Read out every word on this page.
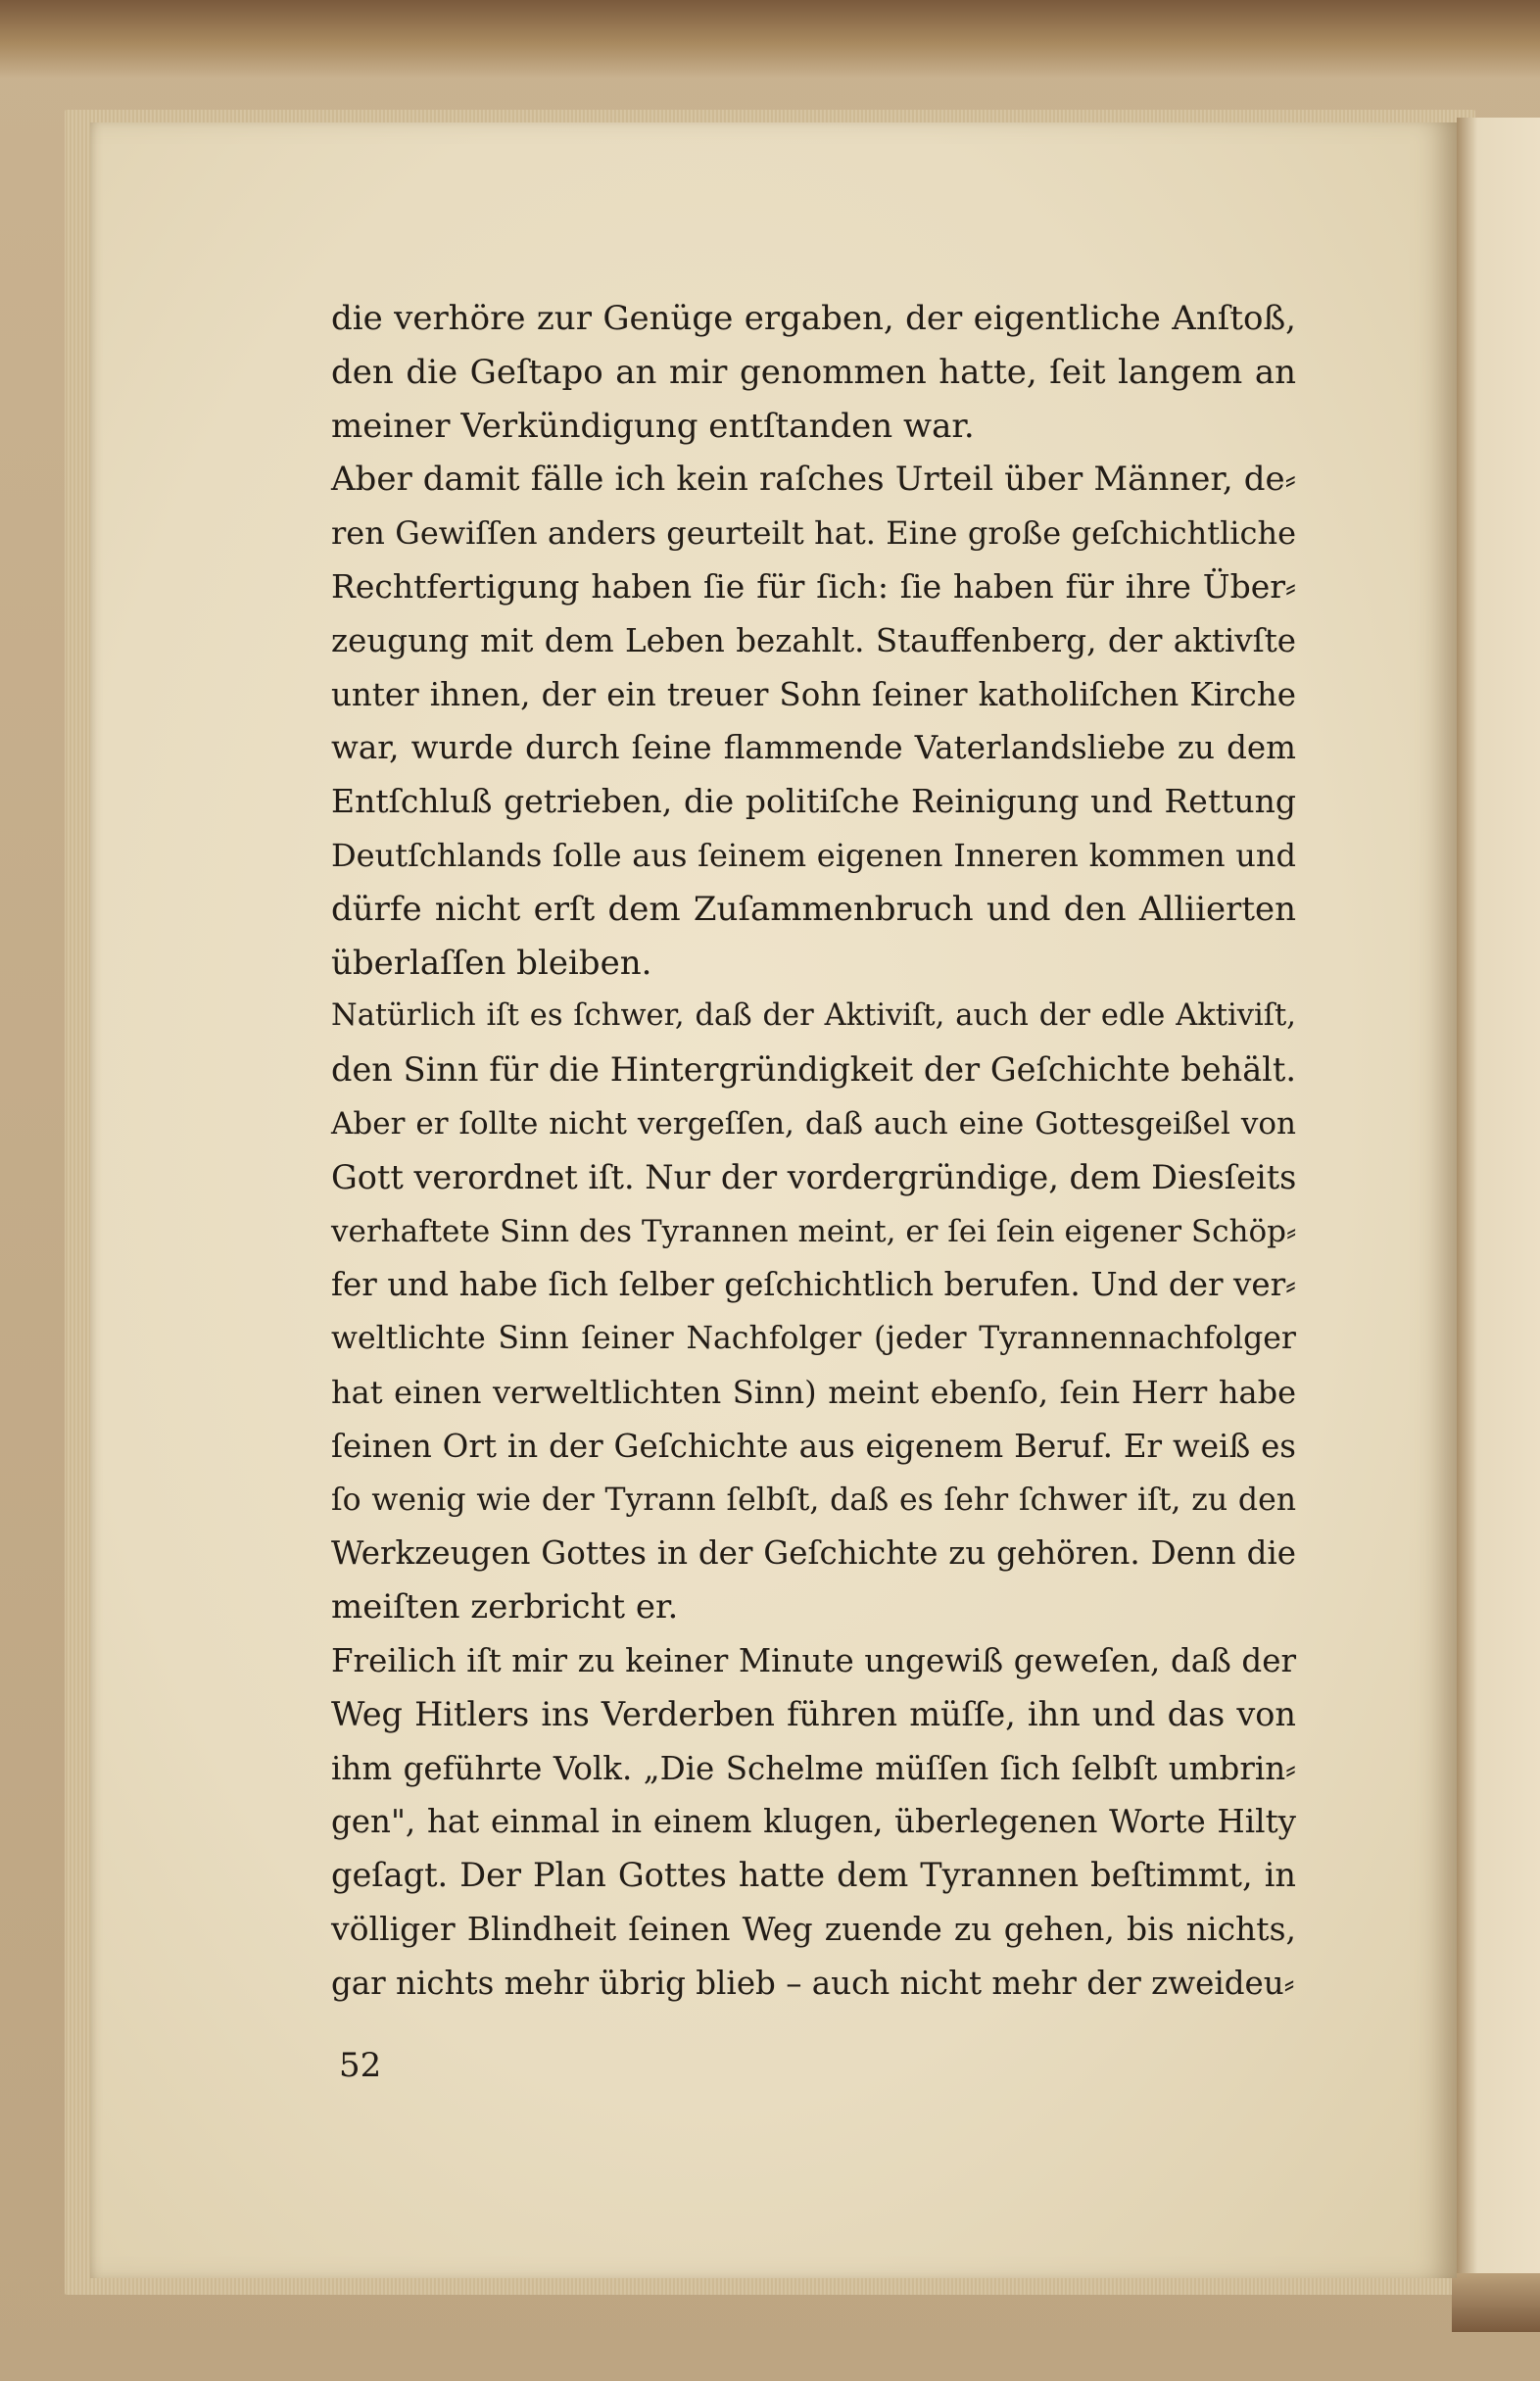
die verhöre zur Genüge ergaben, der eigentliche Anſtoß,
den die Geſtapo an mir genommen hatte, ſeit langem an
meiner Verkündigung entſtanden war.

Aber damit fälle ich kein raſches Urteil über Männer, de⸗
ren Gewiſſen anders geurteilt hat. Eine große geſchichtliche
Rechtfertigung haben ſie für ſich: ſie haben für ihre Über⸗
zeugung mit dem Leben bezahlt. Stauffenberg, der aktivſte
unter ihnen, der ein treuer Sohn ſeiner katholiſchen Kirche
war, wurde durch ſeine flammende Vaterlandsliebe zu dem
Entſchluß getrieben, die politiſche Reinigung und Rettung
Deutſchlands ſolle aus ſeinem eigenen Inneren kommen und
dürfe nicht erſt dem Zuſammenbruch und den Alliierten
überlaſſen bleiben.

Natürlich iſt es ſchwer, daß der Aktiviſt, auch der edle Aktiviſt,
den Sinn für die Hintergründigkeit der Geſchichte behält.
Aber er ſollte nicht vergeſſen, daß auch eine Gottesgeißel von
Gott verordnet iſt. Nur der vordergründige, dem Diesſeits
verhaftete Sinn des Tyrannen meint, er ſei ſein eigener Schöp⸗
fer und habe ſich ſelber geſchichtlich berufen. Und der ver⸗
weltlichte Sinn ſeiner Nachfolger (jeder Tyrannennachfolger
hat einen verweltlichten Sinn) meint ebenſo, ſein Herr habe
ſeinen Ort in der Geſchichte aus eigenem Beruf. Er weiß es
ſo wenig wie der Tyrann ſelbſt, daß es ſehr ſchwer iſt, zu den
Werkzeugen Gottes in der Geſchichte zu gehören. Denn die
meiſten zerbricht er.

Freilich iſt mir zu keiner Minute ungewiß geweſen, daß der
Weg Hitlers ins Verderben führen müſſe, ihn und das von
ihm geführte Volk. „Die Schelme müſſen ſich ſelbſt umbrin⸗
gen", hat einmal in einem klugen, überlegenen Worte Hilty
geſagt. Der Plan Gottes hatte dem Tyrannen beſtimmt, in
völliger Blindheit ſeinen Weg zuende zu gehen, bis nichts,
gar nichts mehr übrig blieb – auch nicht mehr der zweideu⸗

52
